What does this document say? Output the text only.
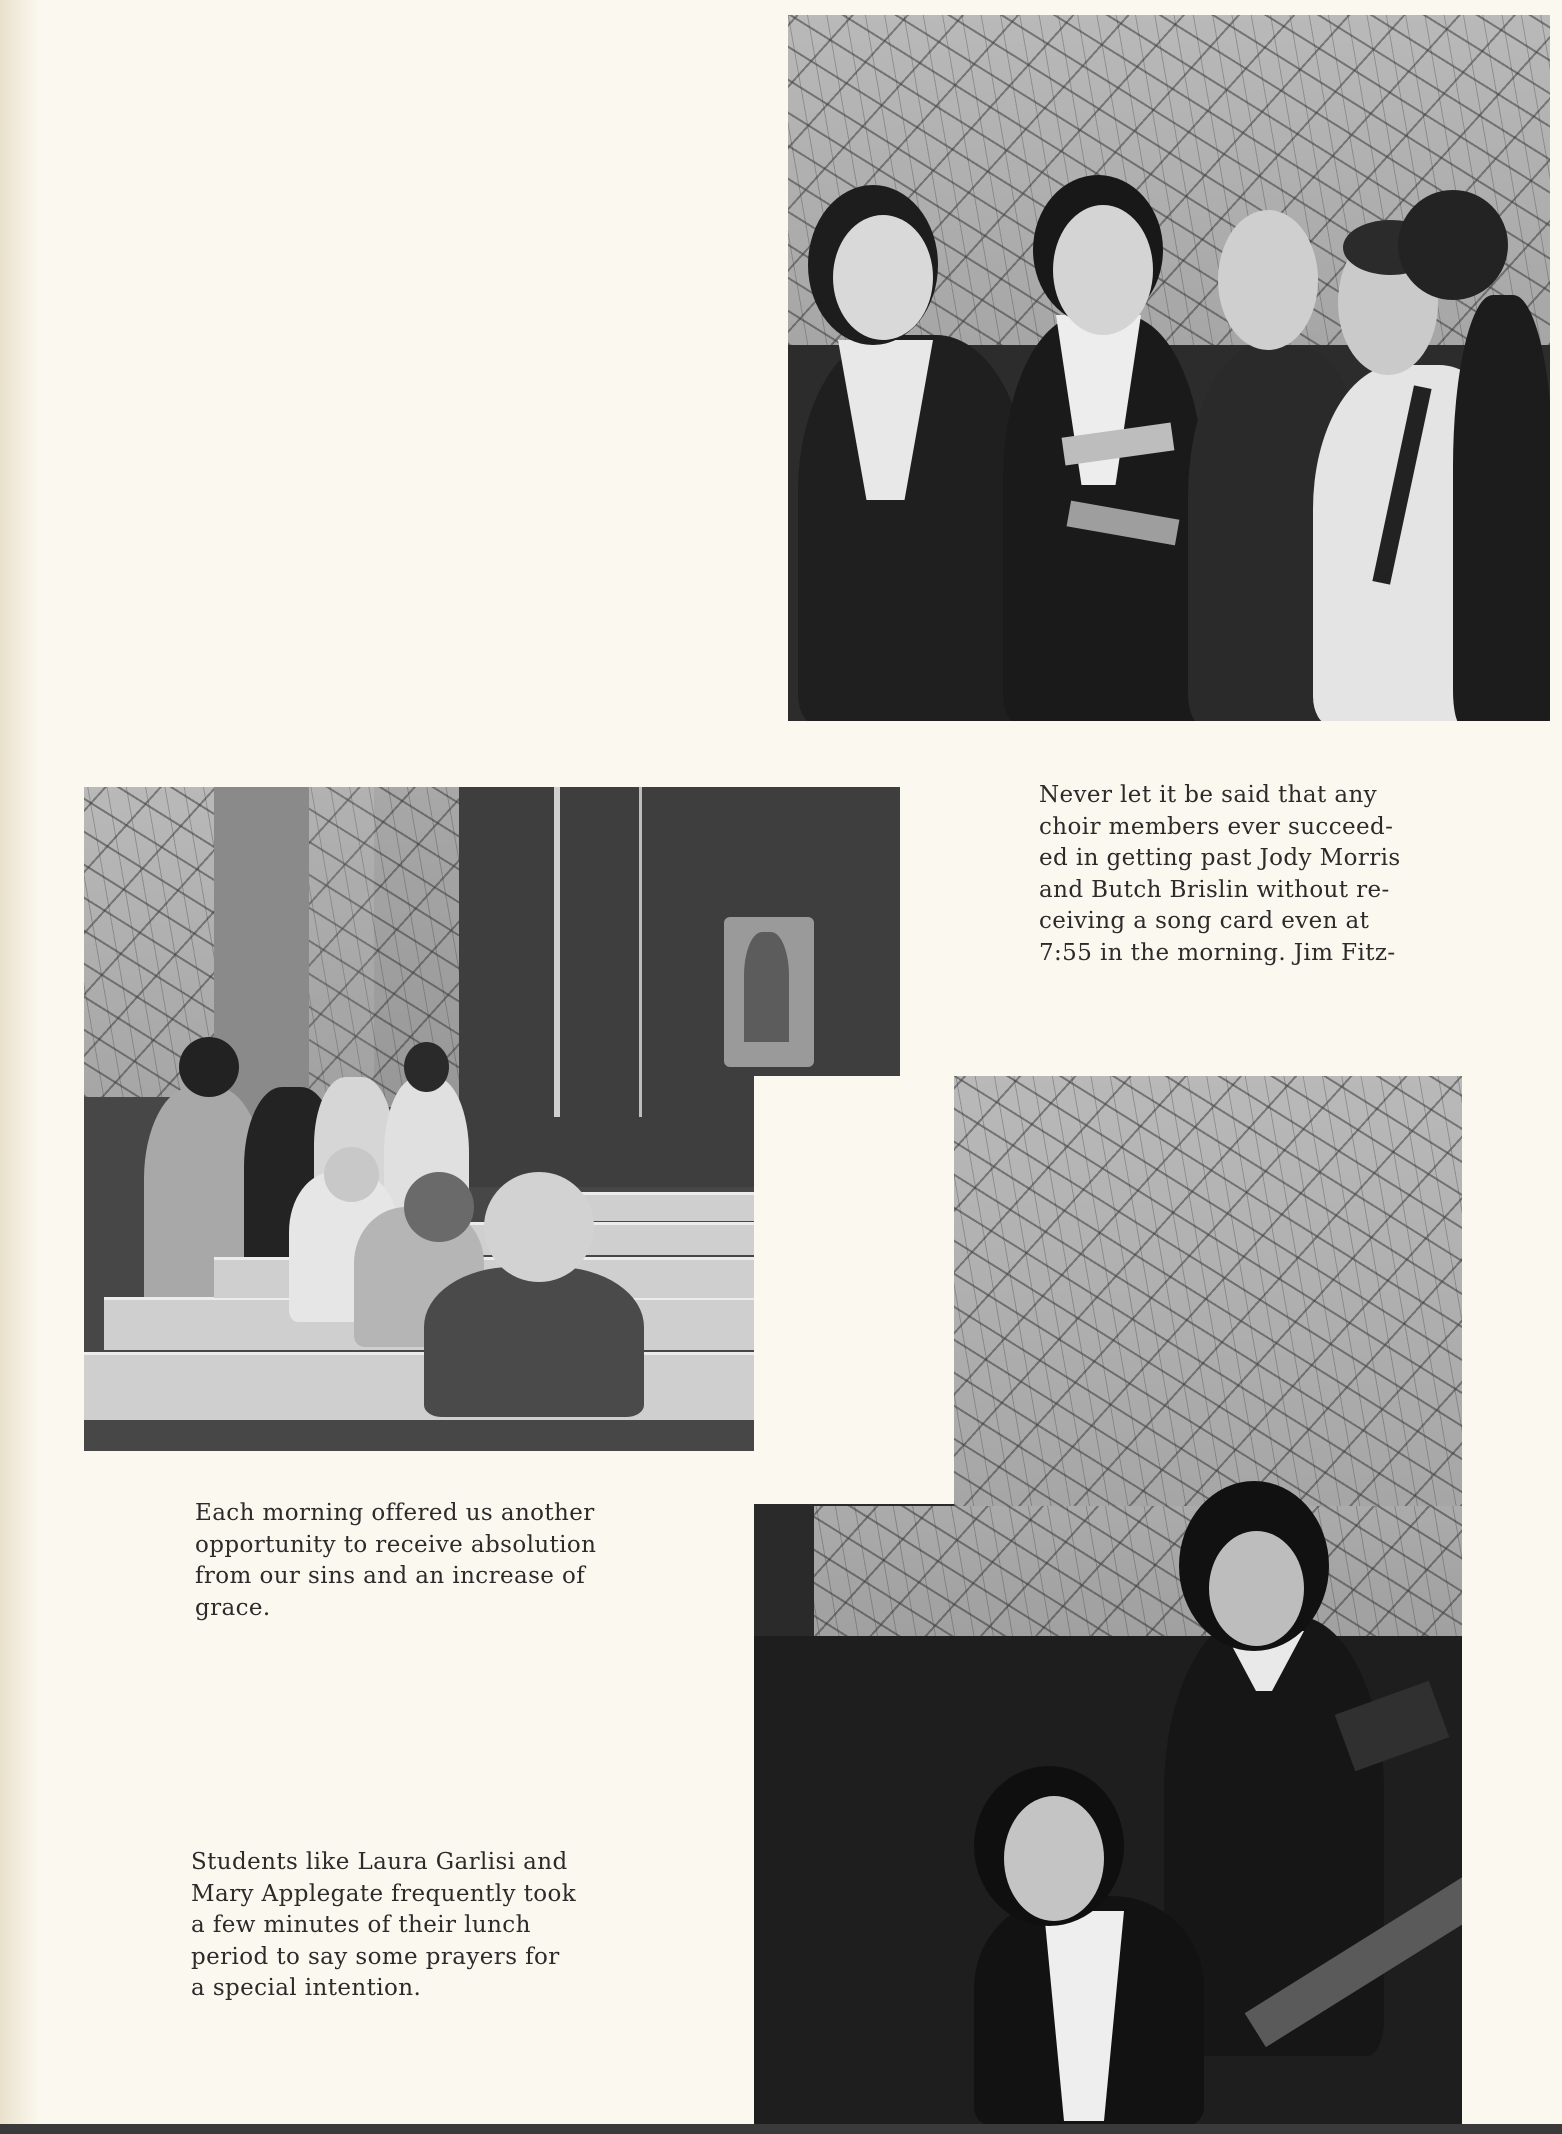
Never let it be said that any
choir members ever succeed-
ed in getting past Jody Morris
and Butch Brislin without re-
ceiving a song card even at
7:55 in the morning. Jim Fitz-

Each morning offered us another
opportunity to receive absolution
from our sins and an increase of
grace.

Students like Laura Garlisi and
Mary Applegate frequently took
a few minutes of their lunch
period to say some prayers for
a special intention.
